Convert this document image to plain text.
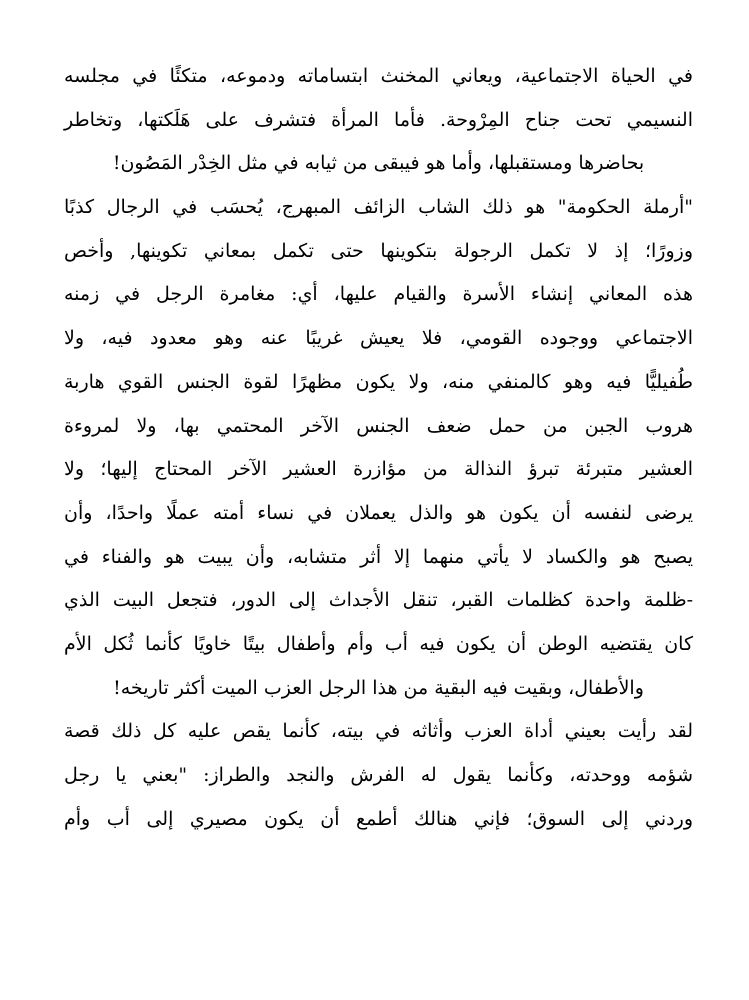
في الحياة الاجتماعية، ويعاني المخنث ابتساماته ودموعه، متكئًا في مجلسه
النسيمي تحت جناح المِرْوحة. فأما المرأة فتشرف على هَلَكتها، وتخاطر
بحاضرها ومستقبلها، وأما هو فيبقى من ثيابه في مثل الخِدْر المَصُون!
"أرملة الحكومة" هو ذلك الشاب الزائف المبهرج، يُحسَب في الرجال كذبًا
وزورًا؛ إذ لا تكمل الرجولة بتكوينها حتى تكمل بمعاني تكوينها, وأخص
هذه المعاني إنشاء الأسرة والقيام عليها، أي: مغامرة الرجل في زمنه
الاجتماعي ووجوده القومي، فلا يعيش غريبًا عنه وهو معدود فيه، ولا
طُفيليًّا فيه وهو كالمنفي منه، ولا يكون مظهرًا لقوة الجنس القوي هاربة
هروب الجبن من حمل ضعف الجنس الآخر المحتمي بها، ولا لمروءة
العشير متبرئة تبرؤ النذالة من مؤازرة العشير الآخر المحتاج إليها؛ ولا
يرضى لنفسه أن يكون هو والذل يعملان في نساء أمته عملًا واحدًا، وأن
يصبح هو والكساد لا يأتي منهما إلا أثر متشابه، وأن يبيت هو والفناء في
-ظلمة واحدة كظلمات القبر، تنقل الأجداث إلى الدور، فتجعل البيت الذي
كان يقتضيه الوطن أن يكون فيه أب وأم وأطفال بيتًا خاويًا كأنما ثُكل الأم
والأطفال، وبقيت فيه البقية من هذا الرجل العزب الميت أكثر تاريخه!
لقد رأيت بعيني أداة العزب وأثاثه في بيته، كأنما يقص عليه كل ذلك قصة
شؤمه ووحدته، وكأنما يقول له الفرش والنجد والطراز: "بعني يا رجل
وردني إلى السوق؛ فإني هنالك أطمع أن يكون مصيري إلى أب وأم
